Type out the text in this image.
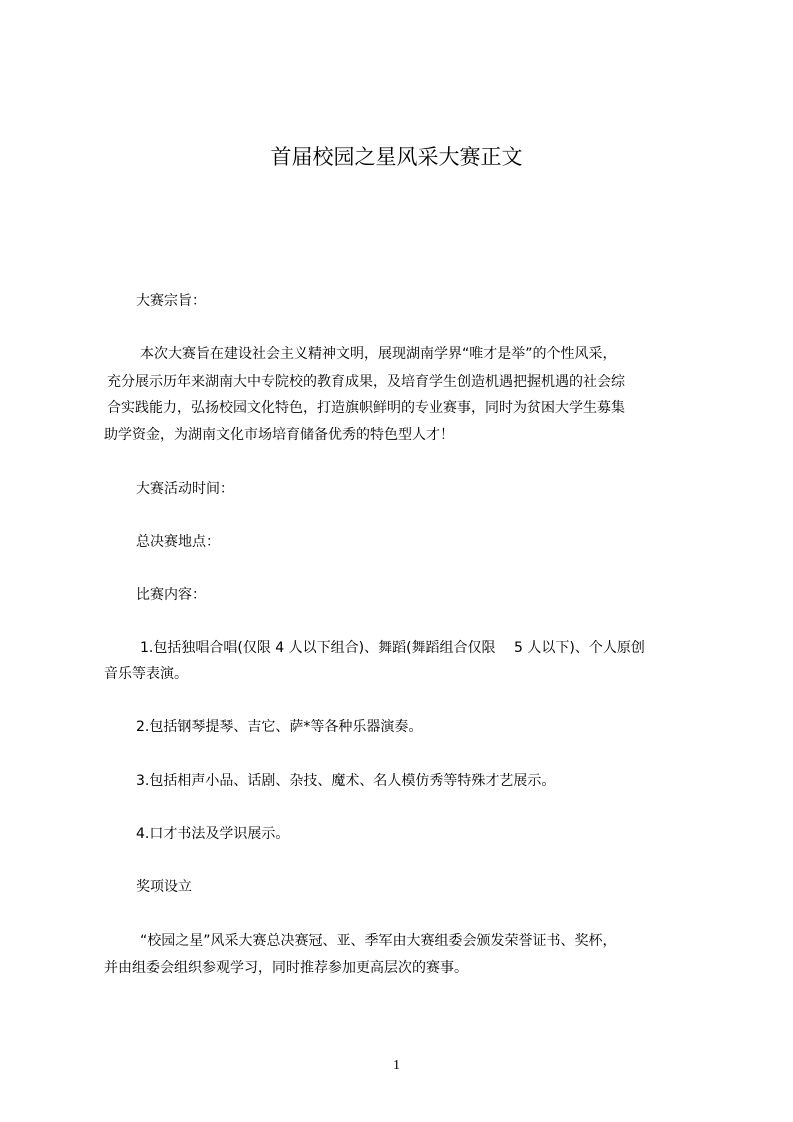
首届校园之星风采大赛正文
大赛宗旨：
本次大赛旨在建设社会主义精神文明，展现湖南学界“唯才是举”的个性风采，
充分展示历年来湖南大中专院校的教育成果，及培育学生创造机遇把握机遇的社会综
合实践能力，弘扬校园文化特色，打造旗帜鲜明的专业赛事，同时为贫困大学生募集
助学资金，为湖南文化市场培育储备优秀的特色型人才！
大赛活动时间：
总决赛地点：
比赛内容：
1.包括独唱合唱(仅限 4 人以下组合)、舞蹈(舞蹈组合仅限 　5 人以下)、个人原创
音乐等表演。
2.包括钢琴提琴、吉它、萨*等各种乐器演奏。
3.包括相声小品、话剧、杂技、魔术、名人模仿秀等特殊才艺展示。
4.口才书法及学识展示。
奖项设立
“校园之星”风采大赛总决赛冠、亚、季军由大赛组委会颁发荣誉证书、奖杯，
并由组委会组织参观学习，同时推荐参加更高层次的赛事。
1
